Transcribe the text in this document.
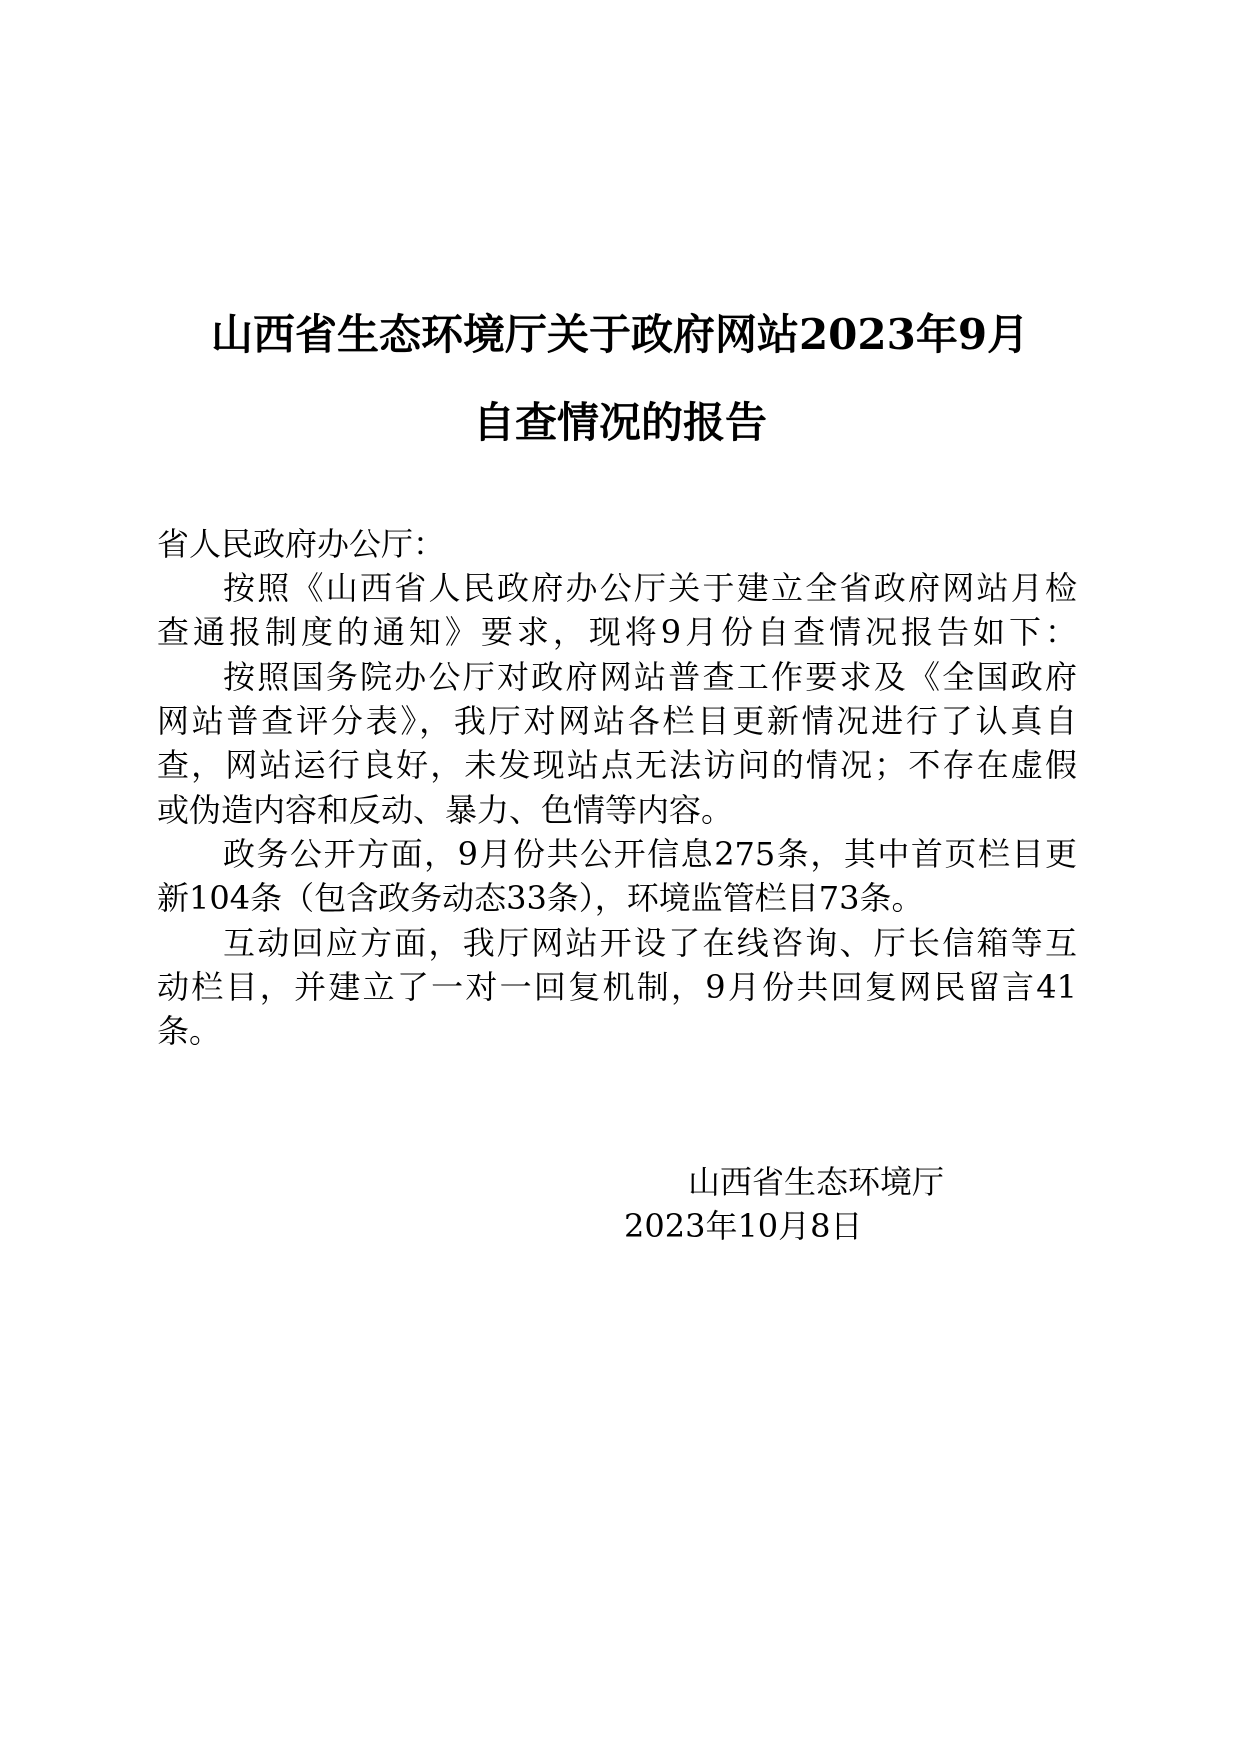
山西省生态环境厅关于政府网站2023年9月
自查情况的报告
省人民政府办公厅：
按照《山西省人民政府办公厅关于建立全省政府网站月检
查通报制度的通知》要求，现将9月份自查情况报告如下：
按照国务院办公厅对政府网站普查工作要求及《全国政府
网站普查评分表》，我厅对网站各栏目更新情况进行了认真自
查，网站运行良好，未发现站点无法访问的情况；不存在虚假
或伪造内容和反动、暴力、色情等内容。
政务公开方面，9月份共公开信息275条，其中首页栏目更
新104条（包含政务动态33条），环境监管栏目73条。
互动回应方面，我厅网站开设了在线咨询、厅长信箱等互
动栏目，并建立了一对一回复机制，9月份共回复网民留言41
条。
山西省生态环境厅
2023年10月8日
